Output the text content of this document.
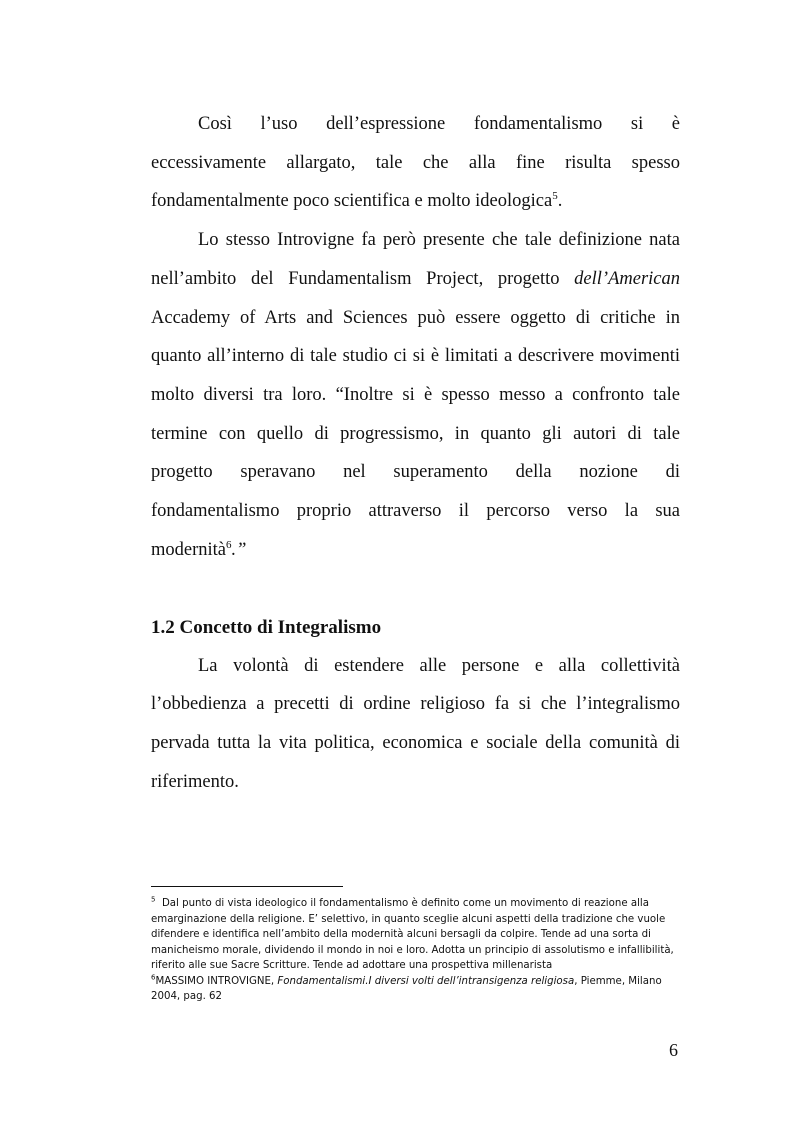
Così l’uso dell’espressione fondamentalismo si è
eccessivamente allargato, tale che alla fine risulta spesso
fondamentalmente poco scientifica e molto ideologica$^5$.
Lo stesso Introvigne fa però presente che tale definizione nata
nell’ambito del Fundamentalism Project, progetto dell’American
Accademy of Arts and Sciences può essere oggetto di critiche in
quanto all’interno di tale studio ci si è limitati a descrivere movimenti
molto diversi tra loro. “Inoltre si è spesso messo a confronto tale
termine con quello di progressismo, in quanto gli autori di tale
progetto speravano nel superamento della nozione di
fondamentalismo proprio attraverso il percorso verso la sua
modernità$^6$.”
La volontà di estendere alle persone e alla collettività
l’obbedienza a precetti di ordine religioso fa si che l’integralismo
pervada tutta la vita politica, economica e sociale della comunità di
riferimento.
1.2 Concetto di Integralismo

$^5$ Dal punto di vista ideologico il fondamentalismo è definito come un movimento di reazione alla emarginazione della religione. E’ selettivo, in quanto sceglie alcuni aspetti della tradizione che vuole difendere e identifica nell’ambito della modernità alcuni bersagli da colpire. Tende ad una sorta di manicheismo morale, dividendo il mondo in noi e loro. Adotta un principio di assolutismo e infallibilità, riferito alle sue Sacre Scritture. Tende ad adottare una prospettiva millenarista

$^6$MASSIMO INTROVIGNE, Fondamentalismi.I diversi volti dell’intransigenza religiosa, Piemme, Milano 2004, pag. 62

6
